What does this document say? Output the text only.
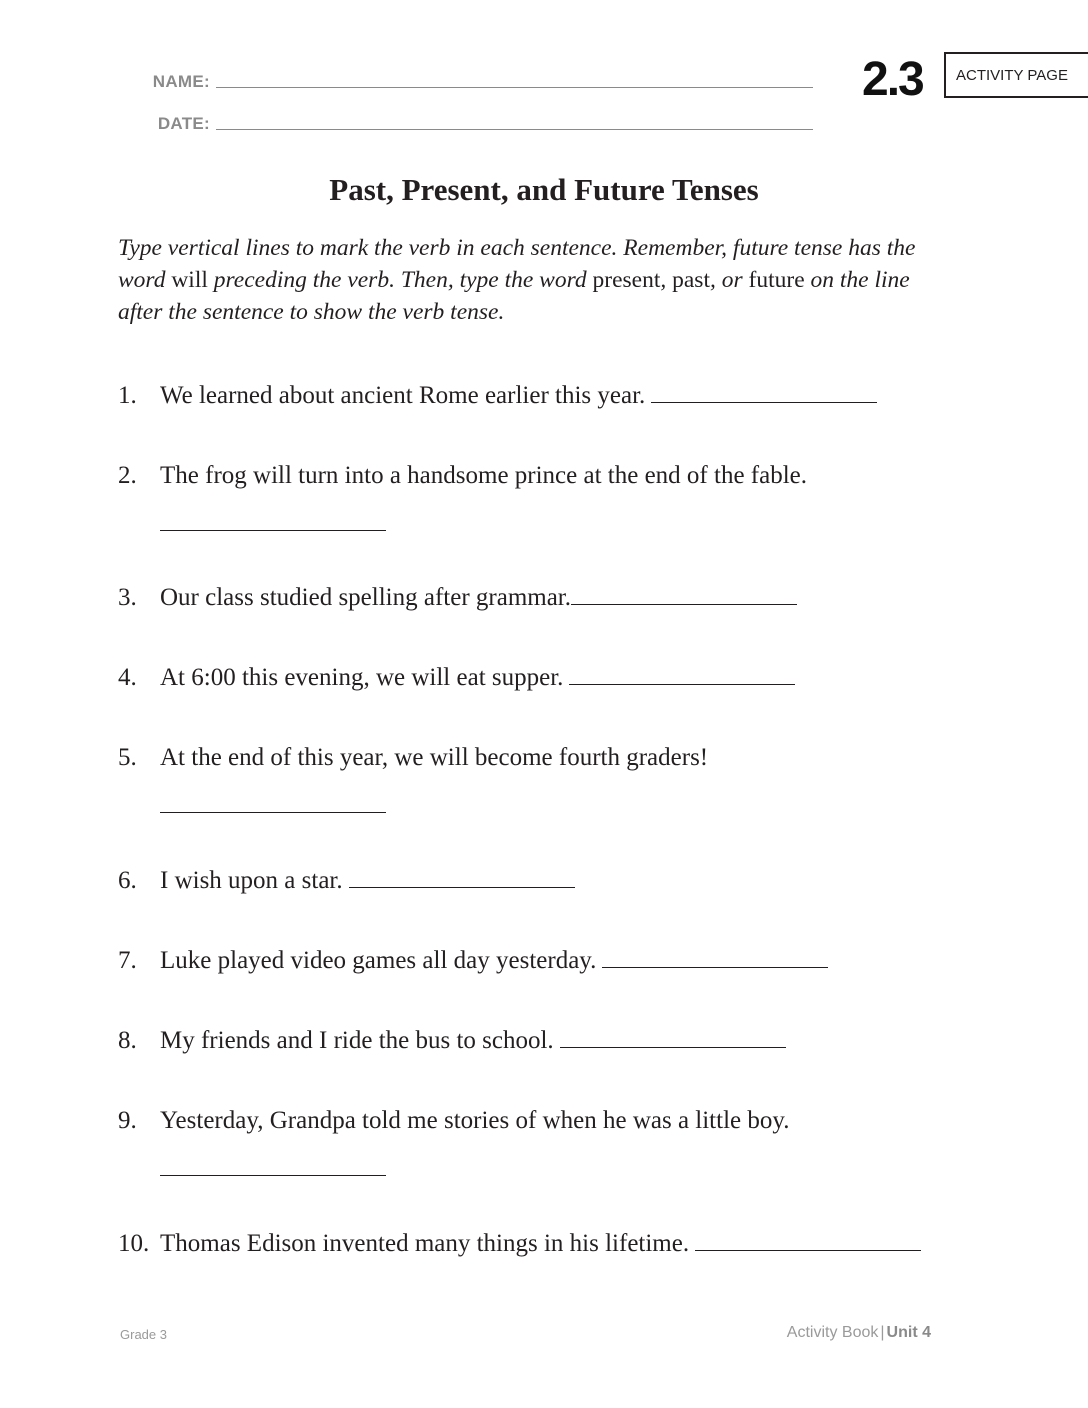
NAME:
DATE:
2.3 ACTIVITY PAGE
Past, Present, and Future Tenses
Type vertical lines to mark the verb in each sentence. Remember, future tense has the word will preceding the verb. Then, type the word present, past, or future on the line after the sentence to show the verb tense.
1. We learned about ancient Rome earlier this year.
2. The frog will turn into a handsome prince at the end of the fable.
3. Our class studied spelling after grammar.
4. At 6:00 this evening, we will eat supper.
5. At the end of this year, we will become fourth graders!
6. I wish upon a star.
7. Luke played video games all day yesterday.
8. My friends and I ride the bus to school.
9. Yesterday, Grandpa told me stories of when he was a little boy.
10. Thomas Edison invented many things in his lifetime.
Grade 3	Activity Book | Unit 4
